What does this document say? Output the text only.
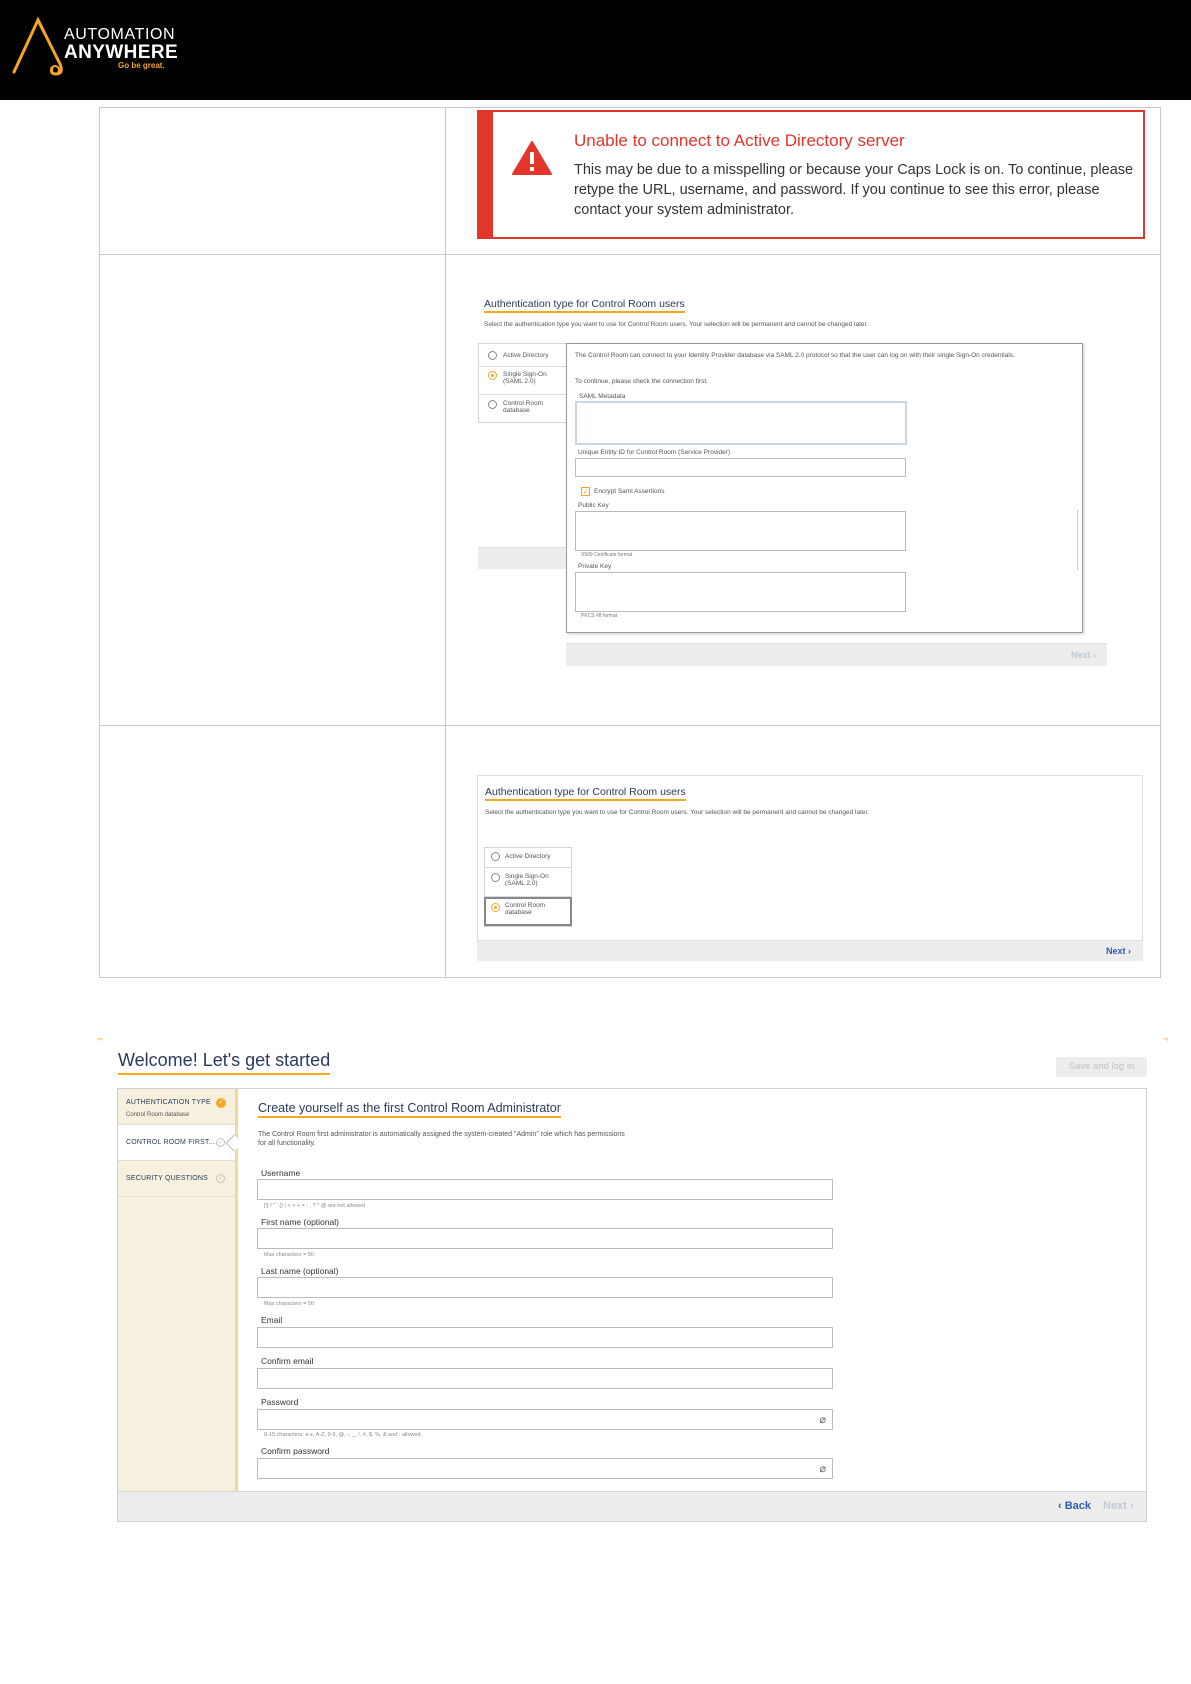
AUTOMATION
ANYWHERE
Go be great.
Unable to connect to Active Directory server
This may be due to a misspelling or because your Caps Lock is on. To continue, please retype the URL, username, and password. If you continue to see this error, please contact your system administrator.
Authentication type for Control Room users
Select the authentication type you want to use for Control Room users. Your selection will be permanent and cannot be changed later.
Active Directory
Single Sign-On (SAML 2.0)
Control Room database
The Control Room can connect to your Identity Provider database via SAML 2.0 protocol so that the user can log on with their single Sign-On credentials.
To continue, please check the connection first.
SAML Metadata
Unique Entity ID for Control Room (Service Provider)
✓ Encrypt Saml Assertions
Public Key
X509 Certificate format
Private Key
PKCS #8 format
Next ›
Authentication type for Control Room users
Select the authentication type you want to use for Control Room users. Your selection will be permanent and cannot be changed later.
Active Directory
Single Sign-On (SAML 2.0)
Control Room database
Next ›
⌐	¬
Welcome! Let's get started	Save and log in
AUTHENTICATION TYPE ✓
Control Room database
CONTROL ROOM FIRST... ✓
SECURITY QUESTIONS	✓
Create yourself as the first Control Room Administrator
The Control Room first administrator is automatically assigned the system-created "Admin" role which has permissions for all functionality.
Username
[!] / " ' {} | < > + = ; , ? * @ are not allowed
First name (optional)
Max characters = 50
Last name (optional)
Max characters = 50
Email
Confirm email
Password
⌀
8-15 characters: a-z, A-Z, 0-9, @, -, _, !, #, $, %, & and . allowed
Confirm password
⌀
‹ Back Next ›
